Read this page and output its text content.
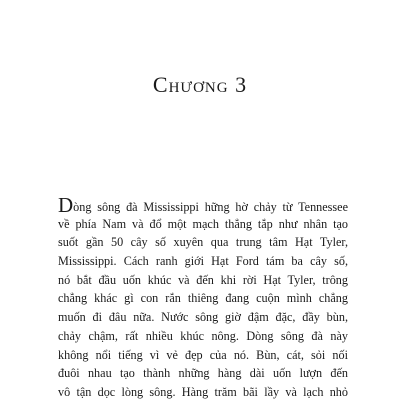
Chương 3
Dòng sông đà Mississippi hững hờ chảy từ Tennessee
về phía Nam và đổ một mạch thẳng tắp như nhân tạo
suốt gần 50 cây số xuyên qua trung tâm Hạt Tyler,
Mississippi. Cách ranh giới Hạt Ford tám ba cây số,
nó bắt đầu uốn khúc và đến khi rời Hạt Tyler, trông
chẳng khác gì con rắn thiêng đang cuộn mình chẳng
muốn đi đâu nữa. Nước sông giờ đậm đặc, đầy bùn,
chảy chậm, rất nhiều khúc nông. Dòng sông đà này
không nổi tiếng vì vẻ đẹp của nó. Bùn, cát, sỏi nối
đuôi nhau tạo thành những hàng dài uốn lượn đến
vô tận dọc lòng sông. Hàng trăm bãi lầy và lạch nhỏ
